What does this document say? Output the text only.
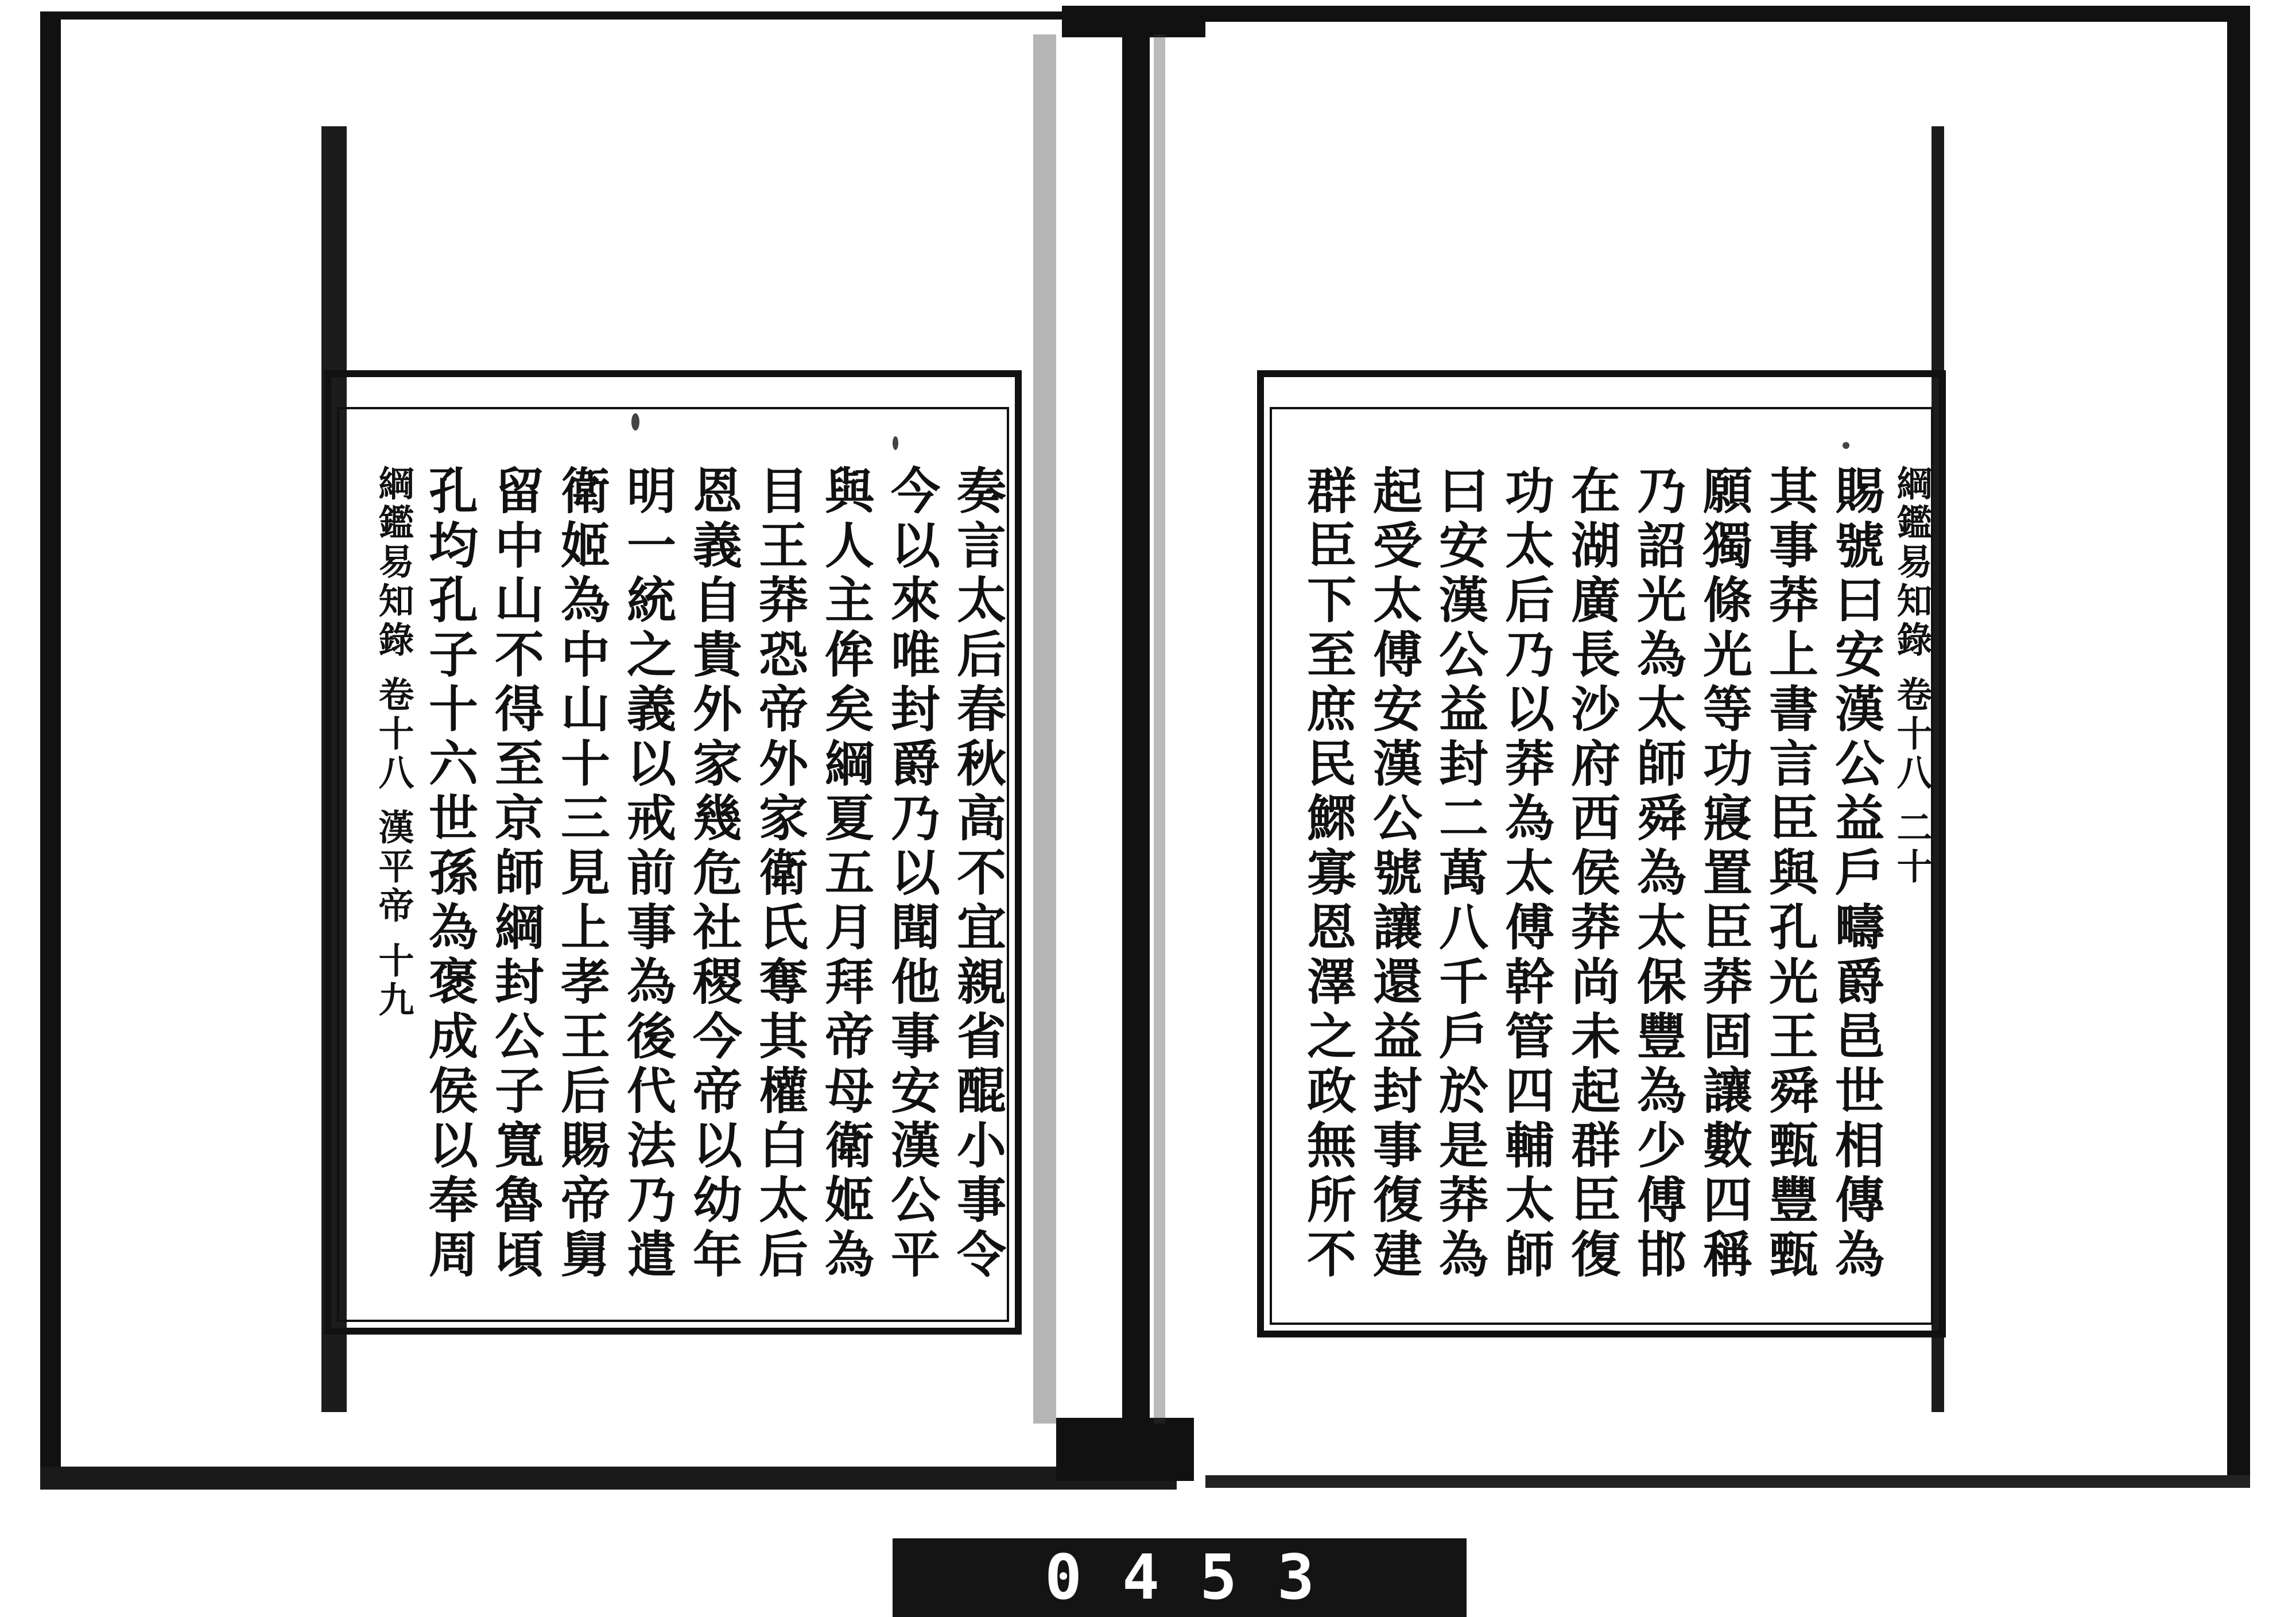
奏言太后春秋高不宜親省醌小事令
今以來唯封爵乃以聞他事安漢公平
與人主侔矣綱夏五月拜帝母衛姬為
目王莽恐帝外家衛氏奪其權白太后
恩義自貴外家幾危社稷今帝以幼年
明一統之義以戒前事為後代法乃遣
衛姬為中山十三見上孝王后賜帝舅
留中山不得至京師綱封公子寬魯頃
孔均孔子十六世孫為褒成侯以奉周
綱鑑易知錄 卷十八 漢平帝 十九	綱鑑易知錄 卷十八 二十
賜號曰安漢公益戶疇爵邑世相傳為
其事莽上書言臣與孔光王舜甄豐甄
願獨條光等功寢置臣莽固讓數四稱
乃詔光為太師舜為太保豐為少傅邯
在湖廣長沙府西侯莽尚未起群臣復
功太后乃以莽為太傅幹管四輔太師
曰安漢公益封二萬八千戶於是莽為
起受太傅安漢公號讓還益封事復建
群臣下至庶民鰥寡恩澤之政無所不
0453
